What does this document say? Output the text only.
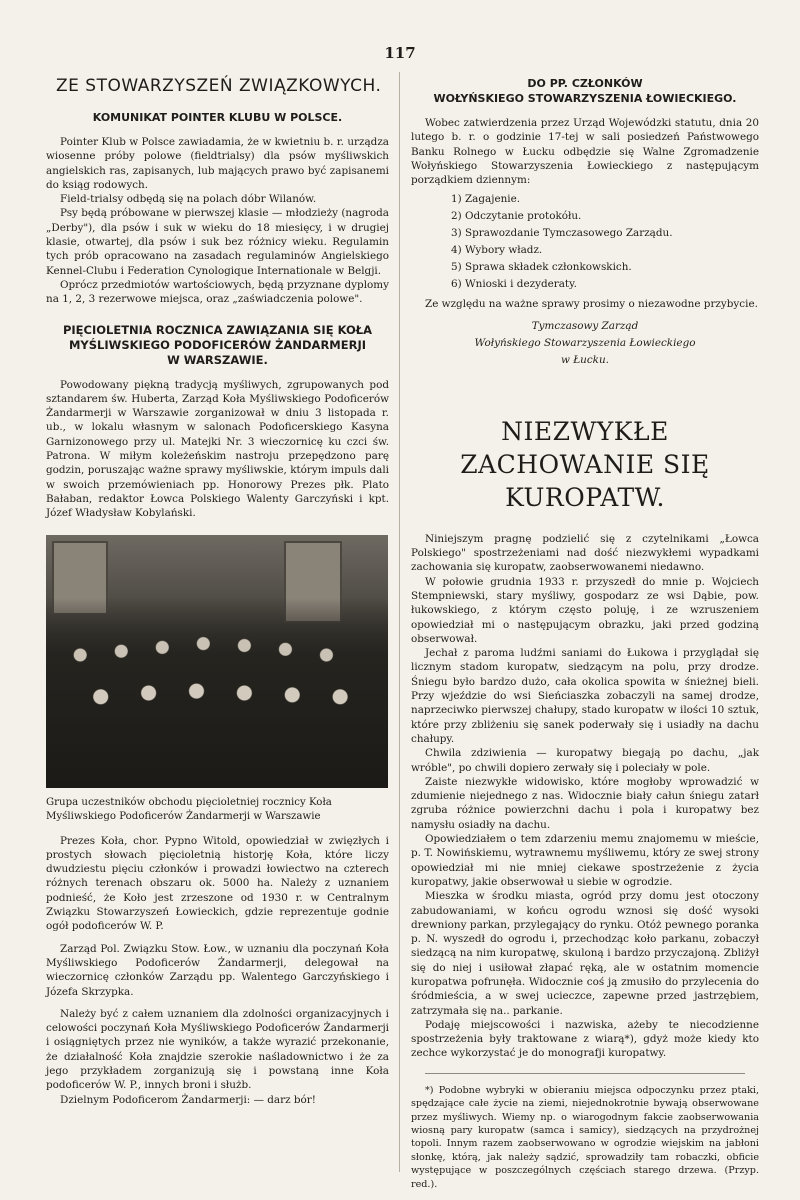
117
ZE STOWARZYSZEŃ ZWIĄZKOWYCH.
KOMUNIKAT POINTER KLUBU W POLSCE.

Pointer Klub w Polsce zawiadamia, że w kwietniu b. r. urządza wiosenne próby polowe (fieldtrialsy) dla psów myśliwskich angielskich ras, zapisanych, lub mających prawo być zapisanemi do ksiąg rodowych.

Field-trialsy odbędą się na polach dóbr Wilanów.

Psy będą próbowane w pierwszej klasie — młodzieży (nagroda „Derby"), dla psów i suk w wieku do 18 miesięcy, i w drugiej klasie, otwartej, dla psów i suk bez różnicy wieku. Regulamin tych prób opracowano na zasadach regulaminów Angielskiego Kennel-Clubu i Federation Cynologique Internationale w Belgji.

Oprócz przedmiotów wartościowych, będą przyznane dyplomy na 1, 2, 3 rezerwowe miejsca, oraz „zaświadczenia polowe".

PIĘCIOLETNIA ROCZNICA ZAWIĄZANIA SIĘ KOŁA
MYŚLIWSKIEGO PODOFICERÓW ŻANDARMERJI
W WARSZAWIE.

Powodowany piękną tradycją myśliwych, zgrupowanych pod sztandarem św. Huberta, Zarząd Koła Myśliwskiego Podoficerów Żandarmerji w Warszawie zorganizował w dniu 3 listopada r. ub., w lokalu własnym w salonach Podoficerskiego Kasyna Garnizonowego przy ul. Matejki Nr. 3 wieczornicę ku czci św. Patrona. W miłym koleżeńskim nastroju przepędzono parę godzin, poruszając ważne sprawy myśliwskie, którym impuls dali w swoich przemówieniach pp. Honorowy Prezes płk. Plato Bałaban, redaktor Łowca Polskiego Walenty Garczyński i kpt. Józef Władysław Kobylański.

Grupa uczestników obchodu pięcioletniej rocznicy Koła Myśliwskiego Podoficerów Żandarmerji w Warszawie

Prezes Koła, chor. Pypno Witold, opowiedział w zwięzłych i prostych słowach pięcioletnią historję Koła, które liczy dwudziestu pięciu członków i prowadzi łowiectwo na czterech różnych terenach obszaru ok. 5000 ha. Należy z uznaniem podnieść, że Koło jest zrzeszone od 1930 r. w Centralnym Związku Stowarzyszeń Łowieckich, gdzie reprezentuje godnie ogół podoficerów W. P.

Zarząd Pol. Związku Stow. Łow., w uznaniu dla poczynań Koła Myśliwskiego Podoficerów Żandarmerji, delegował na wieczornicę członków Zarządu pp. Walentego Garczyńskiego i Józefa Skrzypka.

Należy być z całem uznaniem dla zdolności organizacyjnych i celowości poczynań Koła Myśliwskiego Podoficerów Żandarmerji i osiągniętych przez nie wyników, a także wyrazić przekonanie, że działalność Koła znajdzie szerokie naśladownictwo i że za jego przykładem zorganizują się i powstaną inne Koła podoficerów W. P., innych broni i służb.

Dzielnym Podoficerom Żandarmerji: — darz bór!

DO PP. CZŁONKÓW
WOŁYŃSKIEGO STOWARZYSZENIA ŁOWIECKIEGO.

Wobec zatwierdzenia przez Urząd Wojewódzki statutu, dnia 20 lutego b. r. o godzinie 17-tej w sali posiedzeń Państwowego Banku Rolnego w Łucku odbędzie się Walne Zgromadzenie Wołyńskiego Stowarzyszenia Łowieckiego z następującym porządkiem dziennym:

1) Zagajenie.
2) Odczytanie protokółu.
3) Sprawozdanie Tymczasowego Zarządu.
4) Wybory władz.
5) Sprawa składek członkowskich.
6) Wnioski i dezyderaty.

Ze względu na ważne sprawy prosimy o niezawodne przybycie.

Tymczasowy Zarząd

Wołyńskiego Stowarzyszenia Łowieckiego

w Łucku.

NIEZWYKŁE ZACHOWANIE SIĘ
KUROPATW.

Niniejszym pragnę podzielić się z czytelnikami „Łowca Polskiego" spostrzeżeniami nad dość niezwykłemi wypadkami zachowania się kuropatw, zaobserwowanemi niedawno.

W połowie grudnia 1933 r. przyszedł do mnie p. Wojciech Stempniewski, stary myśliwy, gospodarz ze wsi Dąbie, pow. łukowskiego, z którym często poluję, i ze wzruszeniem opowiedział mi o następującym obrazku, jaki przed godziną obserwował.

Jechał z paroma ludźmi saniami do Łukowa i przyglądał się licznym stadom kuropatw, siedzącym na polu, przy drodze. Śniegu było bardzo dużo, cała okolica spowita w śnieżnej bieli. Przy wjeździe do wsi Sieńciaszka zobaczyli na samej drodze, naprzeciwko pierwszej chałupy, stado kuropatw w ilości 10 sztuk, które przy zbliżeniu się sanek poderwały się i usiadły na dachu chałupy.

Chwila zdziwienia — kuropatwy biegają po dachu, „jak wróble", po chwili dopiero zerwały się i poleciały w pole.

Zaiste niezwykłe widowisko, które mogłoby wprowadzić w zdumienie niejednego z nas. Widocznie biały całun śniegu zatarł zgruba różnice powierzchni dachu i pola i kuropatwy bez namysłu osiadły na dachu.

Opowiedziałem o tem zdarzeniu memu znajomemu w mieście, p. T. Nowińskiemu, wytrawnemu myśliwemu, który ze swej strony opowiedział mi nie mniej ciekawe spostrzeżenie z życia kuropatwy, jakie obserwował u siebie w ogrodzie.

Mieszka w środku miasta, ogród przy domu jest otoczony zabudowaniami, w końcu ogrodu wznosi się dość wysoki drewniony parkan, przylegający do rynku. Otóż pewnego poranka p. N. wyszedł do ogrodu i, przechodząc koło parkanu, zobaczył siedzącą na nim kuropatwę, skuloną i bardzo przyczajoną. Zbliżył się do niej i usiłował złapać ręką, ale w ostatnim momencie kuropatwa pofrunęła. Widocznie coś ją zmusiło do przylecenia do śródmieścia, a w swej ucieczce, zapewne przed jastrzębiem, zatrzymała się na.. parkanie.

Podaję miejscowości i nazwiska, ażeby te niecodzienne spostrzeżenia były traktowane z wiarą*), gdyż może kiedy kto zechce wykorzystać je do monografji kuropatwy.

*) Podobne wybryki w obieraniu miejsca odpoczynku przez ptaki, spędzające całe życie na ziemi, niejednokrotnie bywają obserwowane przez myśliwych. Wiemy np. o wiarogodnym fakcie zaobserwowania wiosną pary kuropatw (samca i samicy), siedzących na przydrożnej topoli. Innym razem zaobserwowano w ogrodzie wiejskim na jabłoni słonkę, którą, jak należy sądzić, sprowadziły tam robaczki, obficie występujące w poszczególnych częściach starego drzewa. (Przyp. red.).
